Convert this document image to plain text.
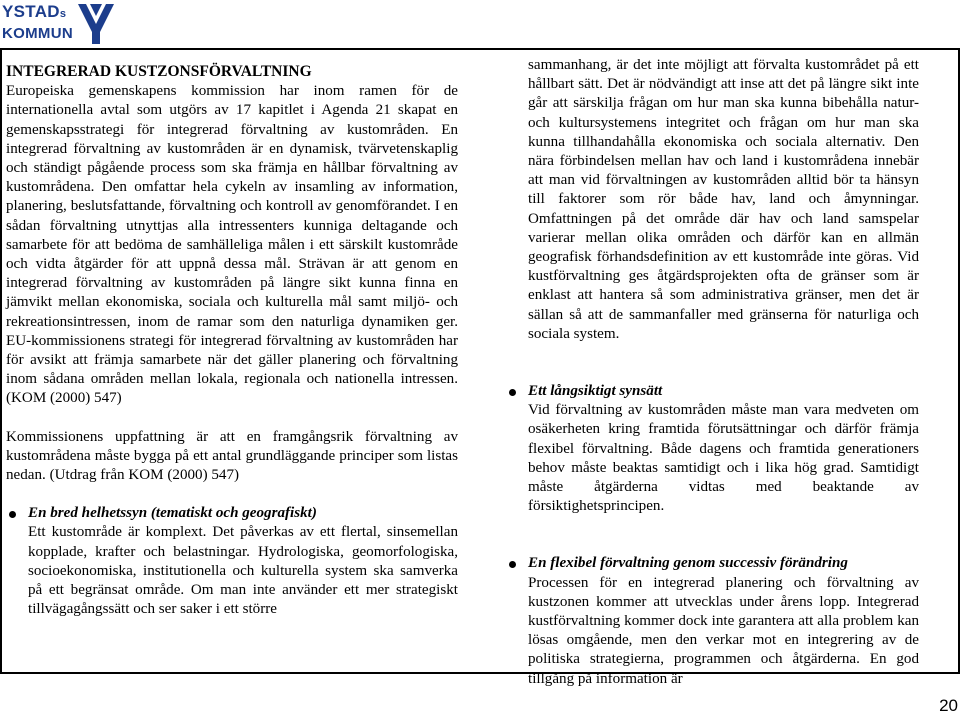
YSTADs
KOMMUN

INTEGRERAD KUSTZONSFÖRVALTNING

Europeiska gemenskapens kommission har inom ramen för de internationella avtal som utgörs av 17 kapitlet i Agenda 21 skapat en gemenskapsstrategi för integrerad förvaltning av kustområden. En integrerad förvaltning av kustområden är en dynamisk, tvärvetenskaplig och ständigt pågående process som ska främja en hållbar förvaltning av kustområdena. Den omfattar hela cykeln av insamling av information, planering, beslutsfattande, förvaltning och kontroll av genomförandet. I en sådan förvaltning utnyttjas alla intressenters kunniga deltagande och samarbete för att bedöma de samhälleliga målen i ett särskilt kustområde och vidta åtgärder för att uppnå dessa mål. Strävan är att genom en integrerad förvaltning av kustområden på längre sikt kunna finna en jämvikt mellan ekonomiska, sociala och kulturella mål samt miljö- och rekreationsintressen, inom de ramar som den naturliga dynamiken ger. EU-kommissionens strategi för integrerad förvaltning av kustområden har för avsikt att främja samarbete när det gäller planering och förvaltning inom sådana områden mellan lokala, regionala och nationella intressen. (KOM (2000) 547)

Kommissionens uppfattning är att en framgångsrik förvaltning av kustområdena måste bygga på ett antal grundläggande principer som listas nedan. (Utdrag från KOM (2000) 547)

En bred helhetssyn (tematiskt och geografiskt)

Ett kustområde är komplext. Det påverkas av ett flertal, sinsemellan kopplade, krafter och belastningar. Hydrologiska, geomorfologiska, socioekonomiska, institutionella och kulturella system ska samverka på ett begränsat område. Om man inte använder ett mer strategiskt tillvägagångssätt och ser saker i ett större

sammanhang, är det inte möjligt att förvalta kustområdet på ett hållbart sätt. Det är nödvändigt att inse att det på längre sikt inte går att särskilja frågan om hur man ska kunna bibehålla natur- och kultursystemens integritet och frågan om hur man ska kunna tillhandahålla ekonomiska och sociala alternativ. Den nära förbindelsen mellan hav och land i kustområdena innebär att man vid förvaltningen av kustområden alltid bör ta hänsyn till faktorer som rör både hav, land och åmynningar. Omfattningen på det område där hav och land samspelar varierar mellan olika områden och därför kan en allmän geografisk förhandsdefinition av ett kustområde inte göras. Vid kustförvaltning ges åtgärdsprojekten ofta de gränser som är enklast att hantera så som administrativa gränser, men det är sällan så att de sammanfaller med gränserna för naturliga och sociala system.

Ett långsiktigt synsätt

Vid förvaltning av kustområden måste man vara medveten om osäkerheten kring framtida förutsättningar och därför främja flexibel förvaltning. Både dagens och framtida generationers behov måste beaktas samtidigt och i lika hög grad. Samtidigt måste åtgärderna vidtas med beaktande av försiktighetsprincipen.

En flexibel förvaltning genom successiv förändring

Processen för en integrerad planering och förvaltning av kustzonen kommer att utvecklas under årens lopp. Integrerad kustförvaltning kommer dock inte garantera att alla problem kan lösas omgående, men den verkar mot en integrering av de politiska strategierna, programmen och åtgärderna. En god tillgång på information är

20
